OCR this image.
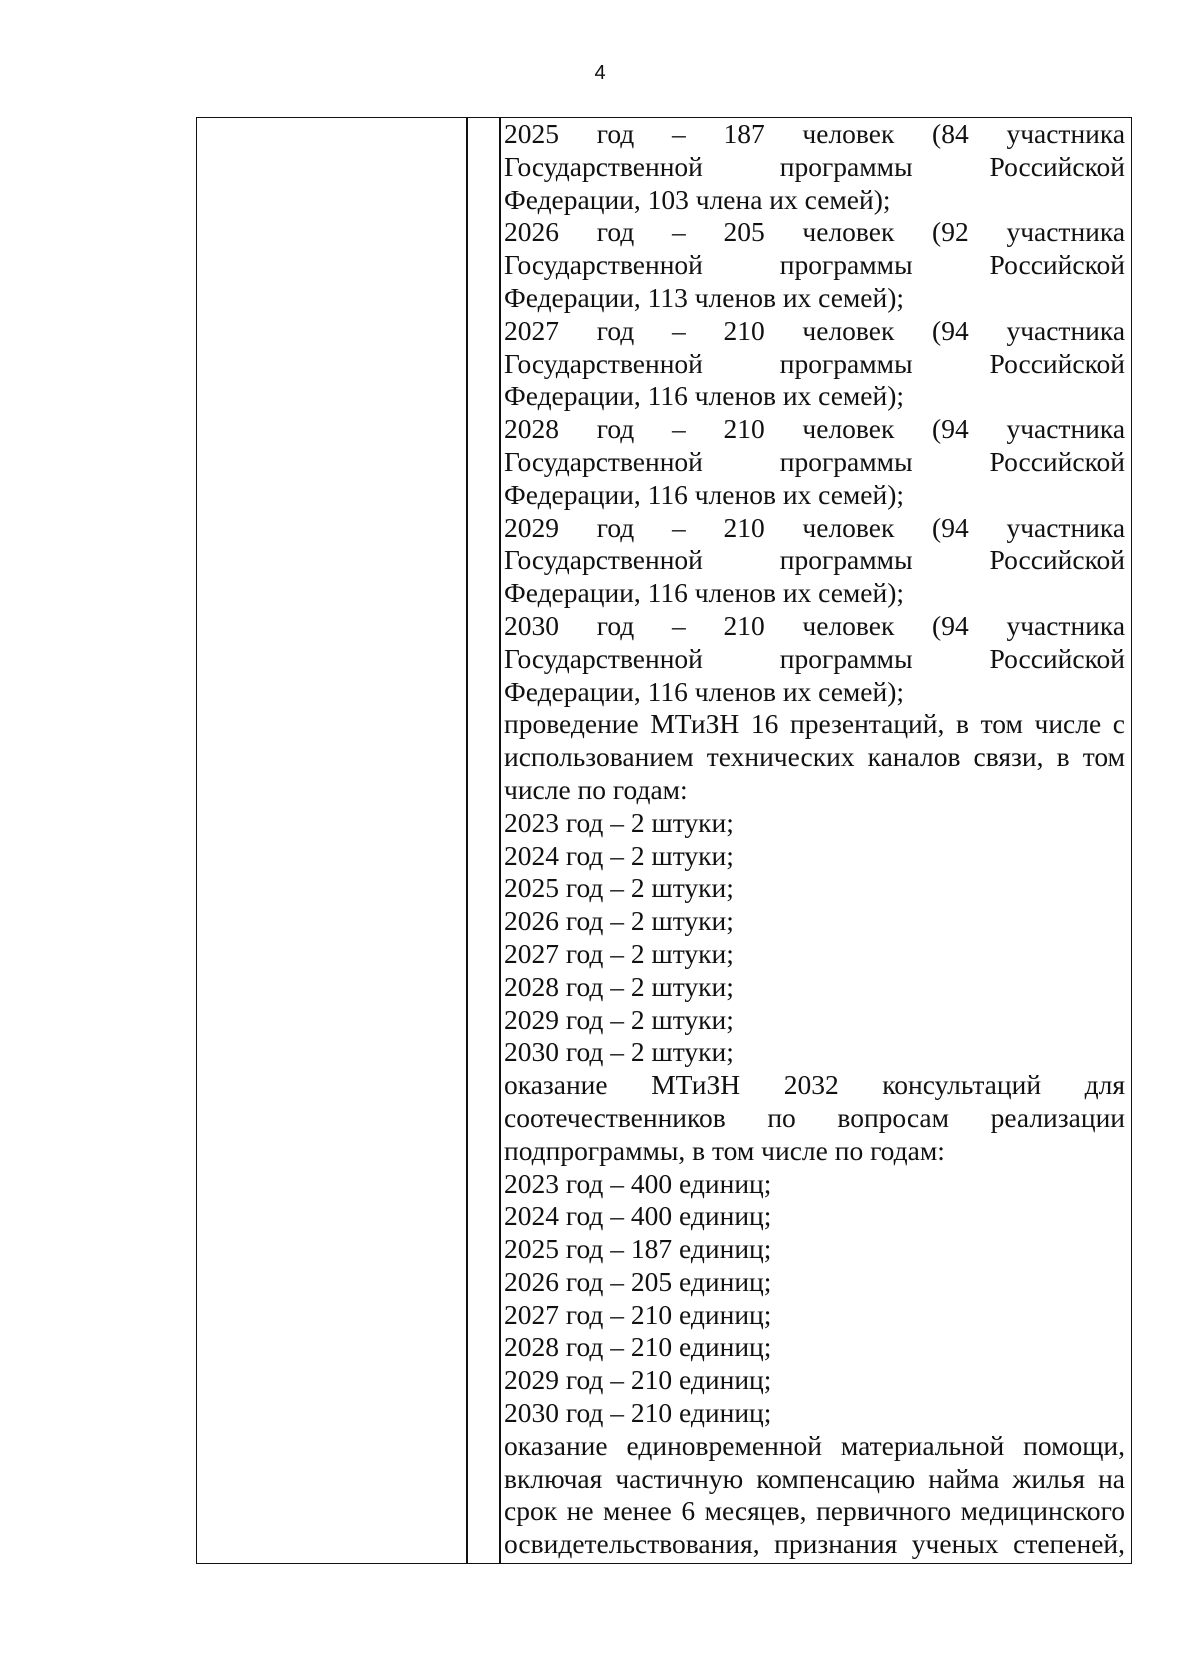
4

2025 год – 187 человек (84 участника

Государственной программы Российской

Федерации, 103 члена их семей);

2026 год – 205 человек (92 участника

Государственной программы Российской

Федерации, 113 членов их семей);

2027 год – 210 человек (94 участника

Государственной программы Российской

Федерации, 116 членов их семей);

2028 год – 210 человек (94 участника

Государственной программы Российской

Федерации, 116 членов их семей);

2029 год – 210 человек (94 участника

Государственной программы Российской

Федерации, 116 членов их семей);

2030 год – 210 человек (94 участника

Государственной программы Российской

Федерации, 116 членов их семей);

проведение МТиЗН 16 презентаций, в том числе с

использованием технических каналов связи, в том

числе по годам:

2023 год – 2 штуки;

2024 год – 2 штуки;

2025 год – 2 штуки;

2026 год – 2 штуки;

2027 год – 2 штуки;

2028 год – 2 штуки;

2029 год – 2 штуки;

2030 год – 2 штуки;

оказание МТиЗН 2032 консультаций для

соотечественников по вопросам реализации

подпрограммы, в том числе по годам:

2023 год – 400 единиц;

2024 год – 400 единиц;

2025 год – 187 единиц;

2026 год – 205 единиц;

2027 год – 210 единиц;

2028 год – 210 единиц;

2029 год – 210 единиц;

2030 год – 210 единиц;

оказание единовременной материальной помощи,

включая частичную компенсацию найма жилья на

срок не менее 6 месяцев, первичного медицинского

освидетельствования, признания ученых степеней,
